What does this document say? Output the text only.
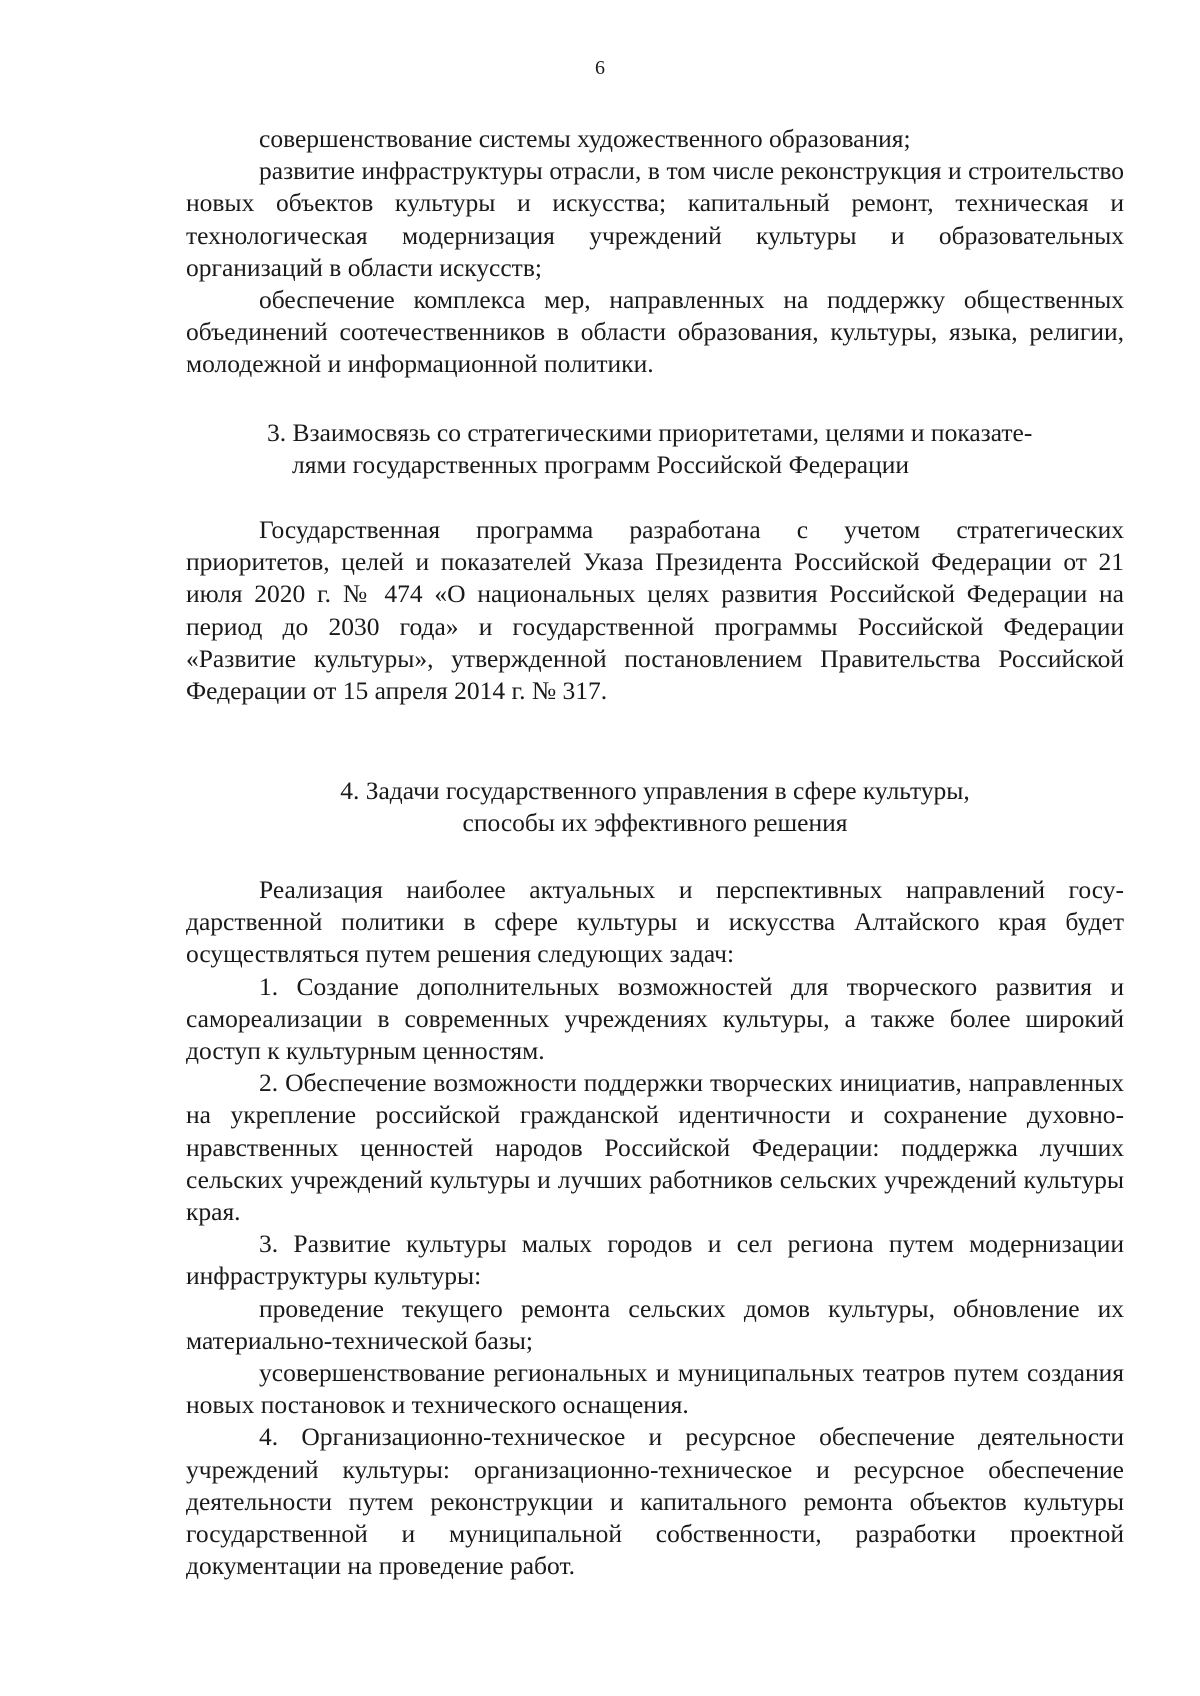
6

совершенствование системы художественного образования;

развитие инфраструктуры отрасли, в том числе реконструкция и строительство новых объектов культуры и искусства; капитальный ремонт, техническая и технологическая модернизация учреждений культуры и образовательных организаций в области искусств;

обеспечение комплекса мер, направленных на поддержку общественных объединений соотечественников в области образования, культуры, языка, религии, молодежной и информационной политики.

3. Взаимосвязь со стратегическими приоритетами, целями и показате-
лями государственных программ Российской Федерации

Государственная программа разработана с учетом стратегических приоритетов, целей и показателей Указа Президента Российской Федерации от 21 июля 2020 г. № 474 «О национальных целях развития Российской Федерации на период до 2030 года» и государственной программы Российской Федерации «Развитие культуры», утвержденной постановлением Правительства Российской Федерации от 15 апреля 2014 г. № 317.

4. Задачи государственного управления в сфере культуры,
способы их эффективного решения

Реализация наиболее актуальных и перспективных направлений государственной политики в сфере культуры и искусства Алтайского края будет осуществляться путем решения следующих задач:

1. Создание дополнительных возможностей для творческого развития и самореализации в современных учреждениях культуры, а также более широкий доступ к культурным ценностям.

2. Обеспечение возможности поддержки творческих инициатив, направленных на укрепление российской гражданской идентичности и сохранение духовно-нравственных ценностей народов Российской Федерации: поддержка лучших сельских учреждений культуры и лучших работников сельских учреждений культуры края.

3. Развитие культуры малых городов и сел региона путем модернизации инфраструктуры культуры:

проведение текущего ремонта сельских домов культуры, обновление их материально-технической базы;

усовершенствование региональных и муниципальных театров путем создания новых постановок и технического оснащения.

4. Организационно-техническое и ресурсное обеспечение деятельности учреждений культуры: организационно-техническое и ресурсное обеспечение деятельности путем реконструкции и капитального ремонта объектов культуры государственной и муниципальной собственности, разработки проектной документации на проведение работ.
